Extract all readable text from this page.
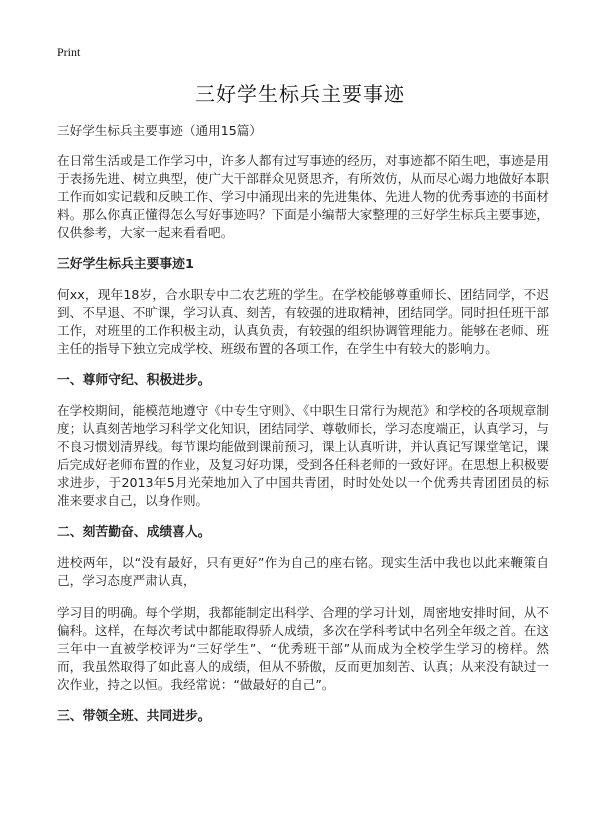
Print
三好学生标兵主要事迹

三好学生标兵主要事迹（通用15篇）

在日常生活或是工作学习中，许多人都有过写事迹的经历，对事迹都不陌生吧，事迹是用于表扬先进、树立典型，使广大干部群众见贤思齐，有所效仿，从而尽心竭力地做好本职工作而如实记载和反映工作、学习中涌现出来的先进集体、先进人物的优秀事迹的书面材料。那么你真正懂得怎么写好事迹吗？下面是小编帮大家整理的三好学生标兵主要事迹，仅供参考，大家一起来看看吧。

三好学生标兵主要事迹1

何xx，现年18岁，合水职专中二农艺班的学生。在学校能够尊重师长、团结同学，不迟到、不早退、不旷课，学习认真、刻苦，有较强的进取精神，团结同学。同时担任班干部工作，对班里的工作积极主动，认真负责，有较强的组织协调管理能力。能够在老师、班主任的指导下独立完成学校、班级布置的各项工作，在学生中有较大的影响力。

一、尊师守纪、积极进步。

在学校期间，能模范地遵守《中专生守则》、《中职生日常行为规范》和学校的各项规章制度；认真刻苦地学习科学文化知识，团结同学、尊敬师长，学习态度端正，认真学习，与不良习惯划清界线。每节课均能做到课前预习，课上认真听讲，并认真记写课堂笔记，课后完成好老师布置的作业，及复习好功课，受到各任科老师的一致好评。在思想上积极要求进步，于2013年5月光荣地加入了中国共青团，时时处处以一个优秀共青团团员的标准来要求自己，以身作则。

二、刻苦勤奋、成绩喜人。

进校两年，以“没有最好，只有更好”作为自己的座右铭。现实生活中我也以此来鞭策自己，学习态度严肃认真，

学习目的明确。每个学期，我都能制定出科学、合理的学习计划，周密地安排时间，从不偏科。这样，在每次考试中都能取得骄人成绩，多次在学科考试中名列全年级之首。在这三年中一直被学校评为“三好学生”、“优秀班干部”从而成为全校学生学习的榜样。然而，我虽然取得了如此喜人的成绩，但从不骄傲，反而更加刻苦、认真；从来没有缺过一次作业，持之以恒。我经常说：“做最好的自己”。

三、带领全班、共同进步。
